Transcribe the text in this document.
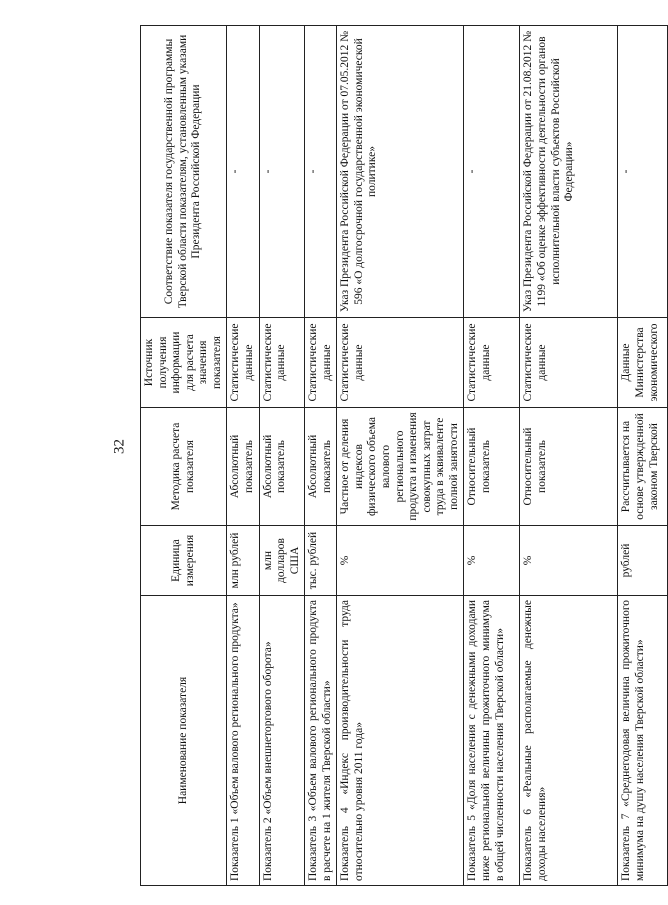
32
Наименование показателя	Единица измерения	Методика расчета показателя	Источник получения информации для расчета значения показателя	Соответствие показателя государственной программы Тверской области показателям, установленным указами Президента Российской Федерации
Показатель 1 «Объем валового регионального продукта»	млн рублей	Абсолютный показатель	Статистические данные	-
Показатель 2 «Объем внешнеторгового оборота»	млн долларов США	Абсолютный показатель	Статистические данные	-
Показатель 3 «Объем валового регионального продукта в расчете на 1 жителя Тверской области»	тыс. рублей	Абсолютный показатель	Статистические данные	-
Показатель 4 «Индекс производительности труда относительно уровня 2011 года»	%	Частное от деления индексов физического объема валового регионального продукта и изменения совокупных затрат труда в эквиваленте полной занятости	Статистические данные	Указ Президента Российской Федерации от 07.05.2012 № 596 «О долгосрочной государственной экономической политике»
Показатель 5 «Доля населения с денежными доходами ниже региональной величины прожиточного минимума в общей численности населения Тверской области»	%	Относительный показатель	Статистические данные	-
Показатель 6 «Реальные располагаемые денежные доходы населения»	%	Относительный показатель	Статистические данные	Указ Президента Российской Федерации от 21.08.2012 № 1199 «Об оценке эффективности деятельности органов исполнительной власти субъектов Российской Федерации»
Показатель 7 «Среднегодовая величина прожиточного минимума на душу населения Тверской области»	рублей	Рассчитывается на основе утвержденной законом Тверской	Данные Министерства экономического	-
